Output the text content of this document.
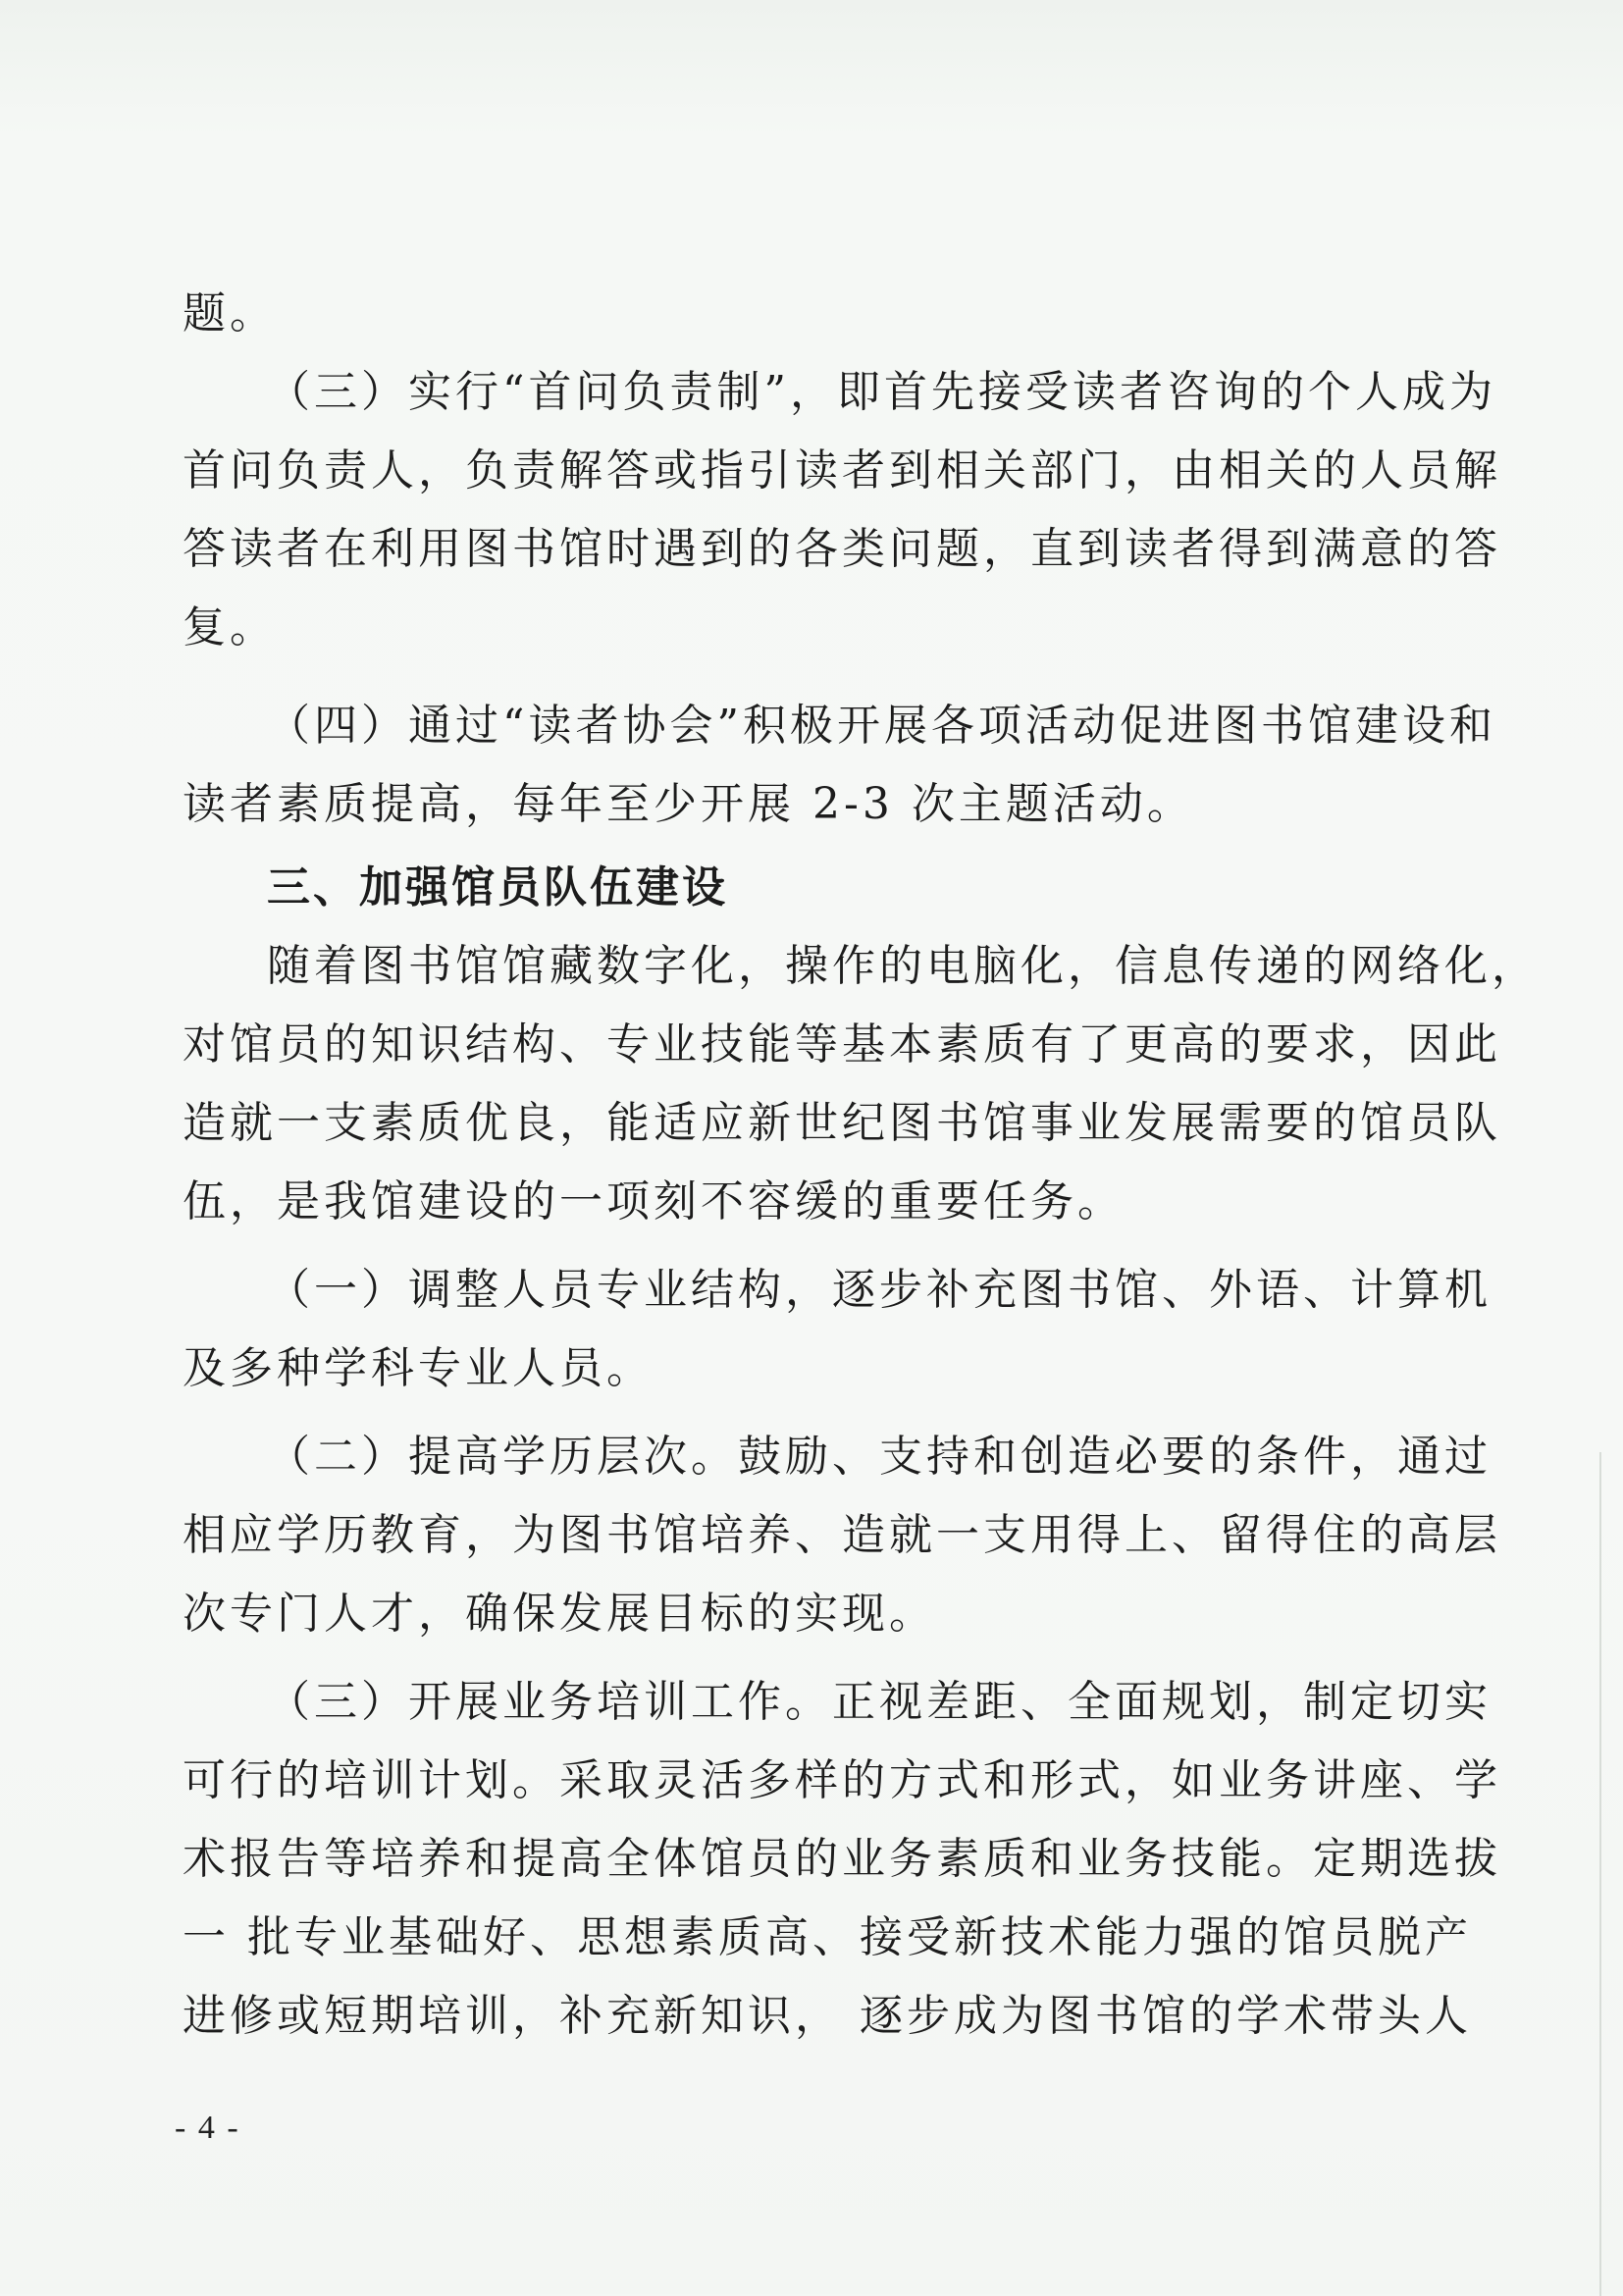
题。
（三）实行“首问负责制”，即首先接受读者咨询的个人成为
首问负责人，负责解答或指引读者到相关部门，由相关的人员解
答读者在利用图书馆时遇到的各类问题，直到读者得到满意的答
复。
（四）通过“读者协会”积极开展各项活动促进图书馆建设和
读者素质提高，每年至少开展 2-3 次主题活动。
三、加强馆员队伍建设
随着图书馆馆藏数字化，操作的电脑化，信息传递的网络化，
对馆员的知识结构、专业技能等基本素质有了更高的要求，因此
造就一支素质优良，能适应新世纪图书馆事业发展需要的馆员队
伍，是我馆建设的一项刻不容缓的重要任务。
（一）调整人员专业结构，逐步补充图书馆、外语、计算机
及多种学科专业人员。
（二）提高学历层次。鼓励、支持和创造必要的条件，通过
相应学历教育，为图书馆培养、造就一支用得上、留得住的高层
次专门人才，确保发展目标的实现。
（三）开展业务培训工作。正视差距、全面规划，制定切实
可行的培训计划。采取灵活多样的方式和形式，如业务讲座、学
术报告等培养和提高全体馆员的业务素质和业务技能。定期选拔
一 批专业基础好、思想素质高、接受新技术能力强的馆员脱产
进修或短期培训，补充新知识， 逐步成为图书馆的学术带头人
- 4 -
